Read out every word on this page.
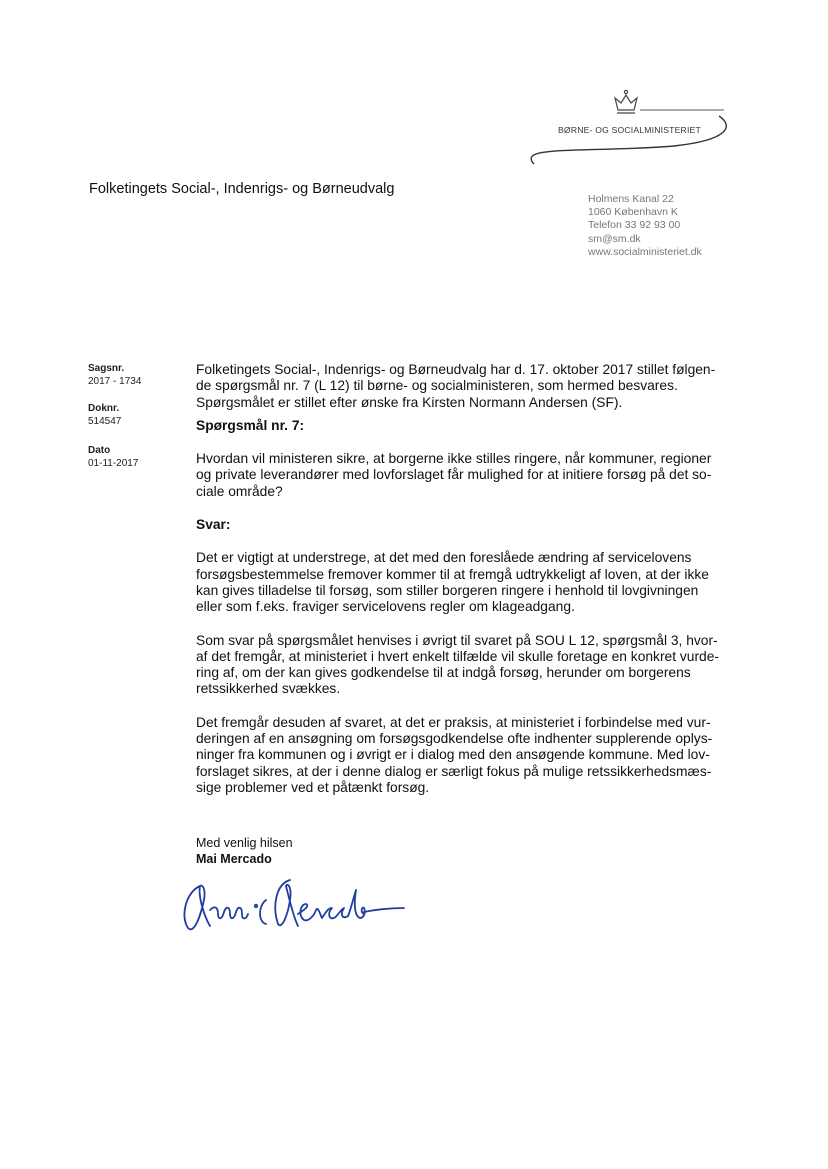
BØRNE- OG SOCIALMINISTERIET
Folketingets Social-, Indenrigs- og Børneudvalg
Holmens Kanal 22
1060 København K
Telefon 33 92 93 00
sm@sm.dk
www.socialministeriet.dk
Sagsnr.
2017 - 1734
Doknr.
514547
Dato
01-11-2017

Folketingets Social-, Indenrigs- og Børneudvalg har d. 17. oktober 2017 stillet følgen-
de spørgsmål nr. 7 (L 12) til børne- og socialministeren, som hermed besvares.
Spørgsmålet er stillet efter ønske fra Kirsten Normann Andersen (SF).

Spørgsmål nr. 7:

Hvordan vil ministeren sikre, at borgerne ikke stilles ringere, når kommuner, regioner
og private leverandører med lovforslaget får mulighed for at initiere forsøg på det so-
ciale område?

Svar:

Det er vigtigt at understrege, at det med den foreslåede ændring af servicelovens
forsøgsbestemmelse fremover kommer til at fremgå udtrykkeligt af loven, at der ikke
kan gives tilladelse til forsøg, som stiller borgeren ringere i henhold til lovgivningen
eller som f.eks. fraviger servicelovens regler om klageadgang.

Som svar på spørgsmålet henvises i øvrigt til svaret på SOU L 12, spørgsmål 3, hvor-
af det fremgår, at ministeriet i hvert enkelt tilfælde vil skulle foretage en konkret vurde-
ring af, om der kan gives godkendelse til at indgå forsøg, herunder om borgerens
retssikkerhed svækkes.

Det fremgår desuden af svaret, at det er praksis, at ministeriet i forbindelse med vur-
deringen af en ansøgning om forsøgsgodkendelse ofte indhenter supplerende oplys-
ninger fra kommunen og i øvrigt er i dialog med den ansøgende kommune. Med lov-
forslaget sikres, at der i denne dialog er særligt fokus på mulige retssikkerhedsmæs-
sige problemer ved et påtænkt forsøg.

Med venlig hilsen
Mai Mercado
